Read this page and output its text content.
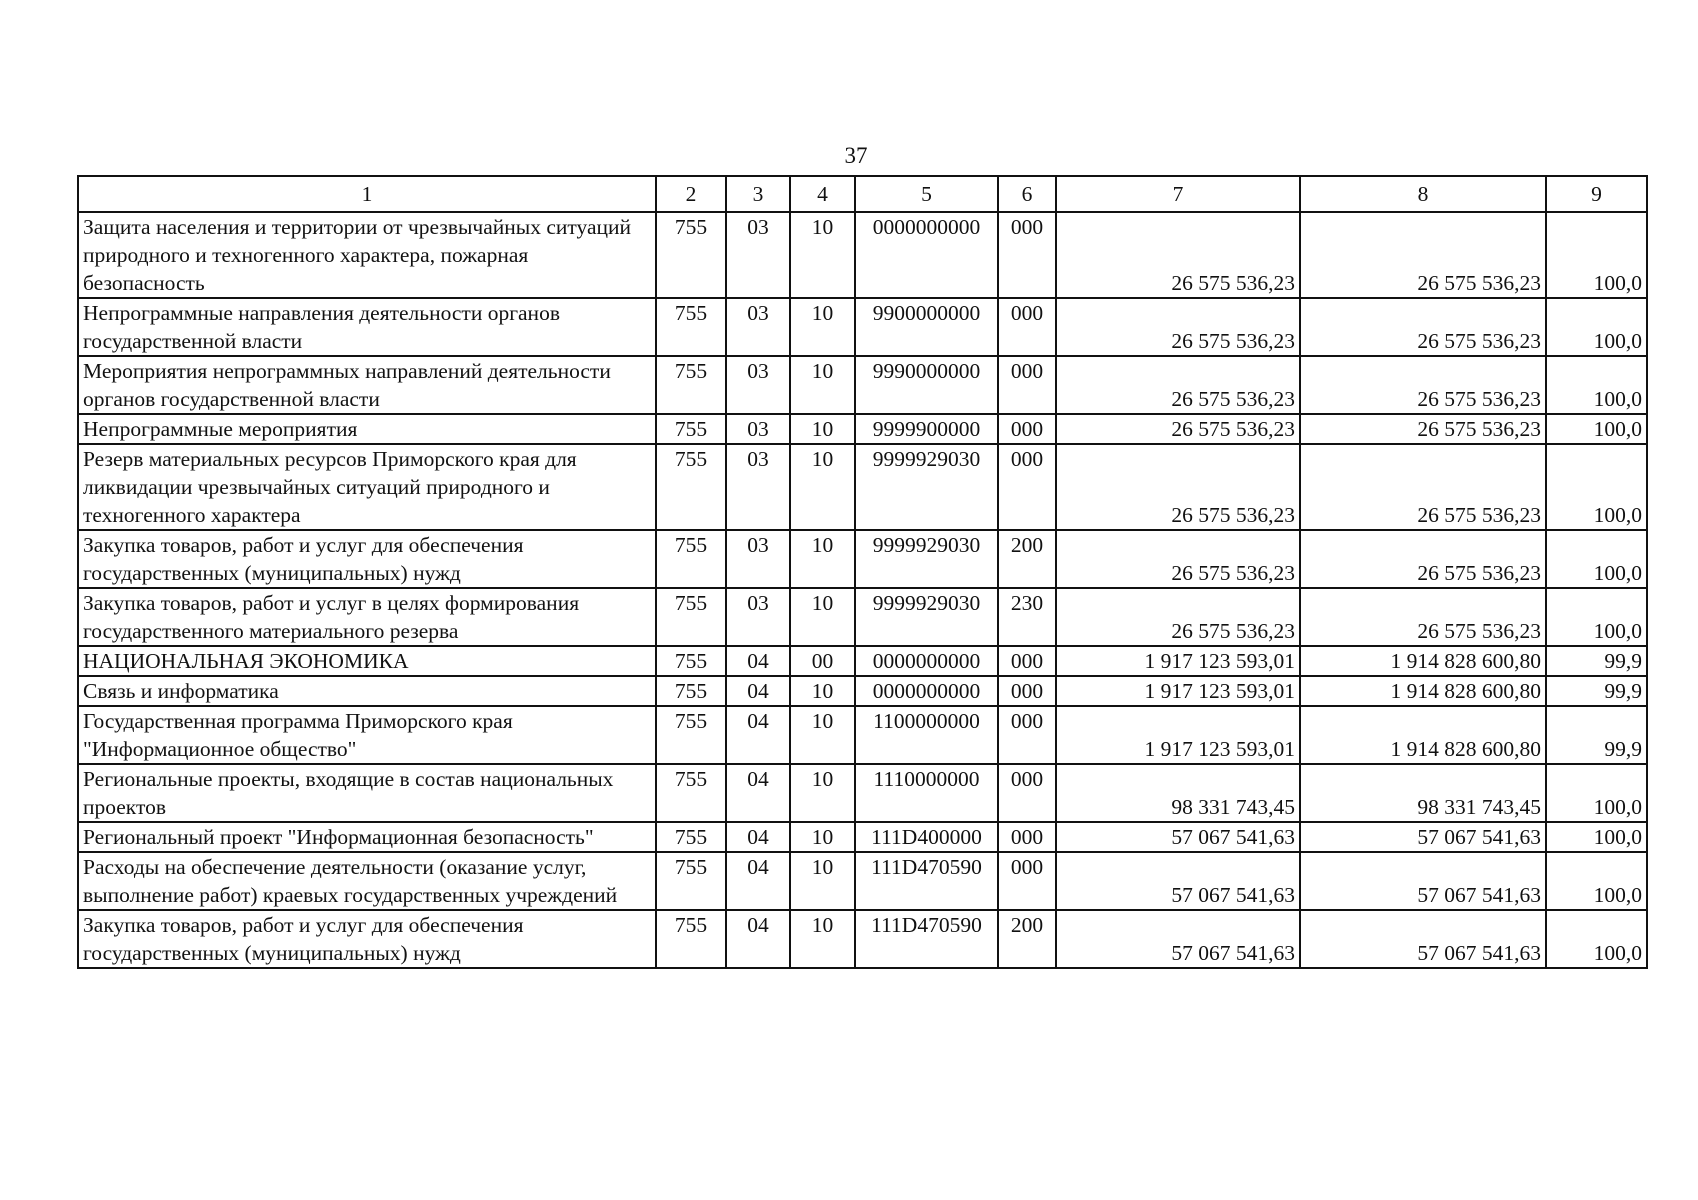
37
1	2	3	4	5	6	7	8	9
Защита населения и территории от чрезвычайных ситуаций природного и техногенного характера, пожарная безопасность	755	03	10	0000000000	000	26 575 536,23	26 575 536,23	100,0
Непрограммные направления деятельности органов государственной власти	755	03	10	9900000000	000	26 575 536,23	26 575 536,23	100,0
Мероприятия непрограммных направлений деятельности органов государственной власти	755	03	10	9990000000	000	26 575 536,23	26 575 536,23	100,0
Непрограммные мероприятия	755	03	10	9999900000	000	26 575 536,23	26 575 536,23	100,0
Резерв материальных ресурсов Приморского края для ликвидации чрезвычайных ситуаций природного и техногенного характера	755	03	10	9999929030	000	26 575 536,23	26 575 536,23	100,0
Закупка товаров, работ и услуг для обеспечения государственных (муниципальных) нужд	755	03	10	9999929030	200	26 575 536,23	26 575 536,23	100,0
Закупка товаров, работ и услуг в целях формирования государственного материального резерва	755	03	10	9999929030	230	26 575 536,23	26 575 536,23	100,0
НАЦИОНАЛЬНАЯ ЭКОНОМИКА	755	04	00	0000000000	000	1 917 123 593,01	1 914 828 600,80	99,9
Связь и информатика	755	04	10	0000000000	000	1 917 123 593,01	1 914 828 600,80	99,9
Государственная программа Приморского края "Информационное общество"	755	04	10	1100000000	000	1 917 123 593,01	1 914 828 600,80	99,9
Региональные проекты, входящие в состав национальных проектов	755	04	10	1110000000	000	98 331 743,45	98 331 743,45	100,0
Региональный проект "Информационная безопасность"	755	04	10	111D400000	000	57 067 541,63	57 067 541,63	100,0
Расходы на обеспечение деятельности (оказание услуг, выполнение работ) краевых государственных учреждений	755	04	10	111D470590	000	57 067 541,63	57 067 541,63	100,0
Закупка товаров, работ и услуг для обеспечения государственных (муниципальных) нужд	755	04	10	111D470590	200	57 067 541,63	57 067 541,63	100,0
